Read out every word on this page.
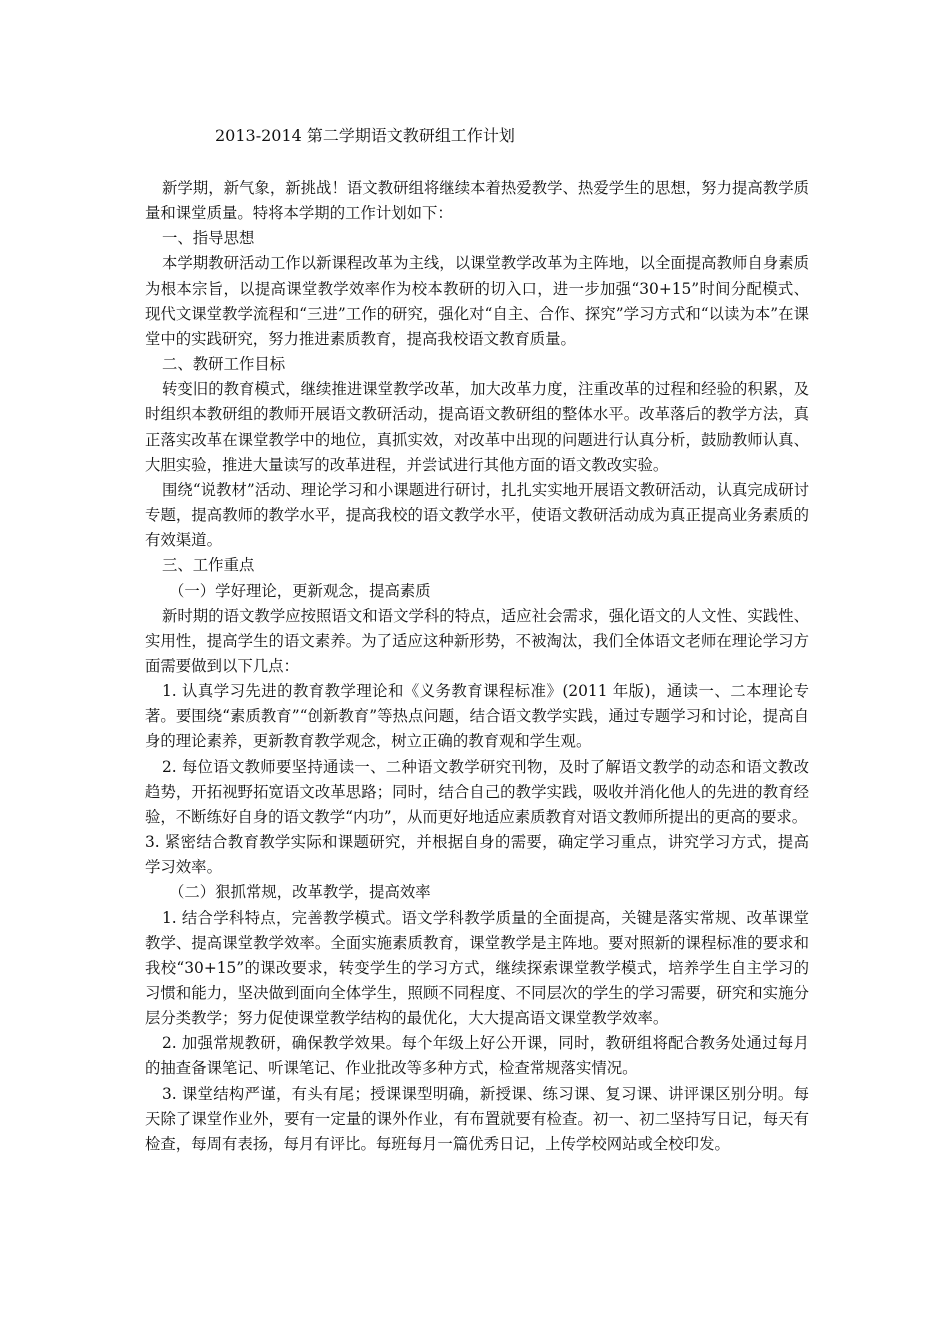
2013-2014 第二学期语文教研组工作计划

新学期，新气象，新挑战！语文教研组将继续本着热爱教学、热爱学生的思想，努力提高教学质量和课堂质量。特将本学期的工作计划如下：

一、指导思想

本学期教研活动工作以新课程改革为主线，以课堂教学改革为主阵地，以全面提高教师自身素质为根本宗旨，以提高课堂教学效率作为校本教研的切入口，进一步加强“30+15”时间分配模式、现代文课堂教学流程和“三进”工作的研究，强化对“自主、合作、探究”学习方式和“以读为本”在课堂中的实践研究，努力推进素质教育，提高我校语文教育质量。

二、教研工作目标

转变旧的教育模式，继续推进课堂教学改革，加大改革力度，注重改革的过程和经验的积累，及时组织本教研组的教师开展语文教研活动，提高语文教研组的整体水平。改革落后的教学方法，真正落实改革在课堂教学中的地位，真抓实效，对改革中出现的问题进行认真分析，鼓励教师认真、大胆实验，推进大量读写的改革进程，并尝试进行其他方面的语文教改实验。

围绕“说教材”活动、理论学习和小课题进行研讨，扎扎实实地开展语文教研活动，认真完成研讨专题，提高教师的教学水平，提高我校的语文教学水平，使语文教研活动成为真正提高业务素质的有效渠道。

三、工作重点

（一）学好理论，更新观念，提高素质

新时期的语文教学应按照语文和语文学科的特点，适应社会需求，强化语文的人文性、实践性、实用性，提高学生的语文素养。为了适应这种新形势，不被淘汰，我们全体语文老师在理论学习方面需要做到以下几点：

1. 认真学习先进的教育教学理论和《义务教育课程标准》(2011 年版)，通读一、二本理论专著。要围绕“素质教育”“创新教育”等热点问题，结合语文教学实践，通过专题学习和讨论，提高自身的理论素养，更新教育教学观念，树立正确的教育观和学生观。

2. 每位语文教师要坚持通读一、二种语文教学研究刊物，及时了解语文教学的动态和语文教改趋势，开拓视野拓宽语文改革思路；同时，结合自己的教学实践，吸收并消化他人的先进的教育经验，不断练好自身的语文教学“内功”，从而更好地适应素质教育对语文教师所提出的更高的要求。

3. 紧密结合教育教学实际和课题研究，并根据自身的需要，确定学习重点，讲究学习方式，提高学习效率。

（二）狠抓常规，改革教学，提高效率

1. 结合学科特点，完善教学模式。语文学科教学质量的全面提高，关键是落实常规、改革课堂教学、提高课堂教学效率。全面实施素质教育，课堂教学是主阵地。要对照新的课程标准的要求和我校“30+15”的课改要求，转变学生的学习方式，继续探索课堂教学模式，培养学生自主学习的习惯和能力，坚决做到面向全体学生，照顾不同程度、不同层次的学生的学习需要，研究和实施分层分类教学；努力促使课堂教学结构的最优化，大大提高语文课堂教学效率。

2. 加强常规教研，确保教学效果。每个年级上好公开课，同时，教研组将配合教务处通过每月的抽查备课笔记、听课笔记、作业批改等多种方式，检查常规落实情况。

3. 课堂结构严谨，有头有尾；授课课型明确，新授课、练习课、复习课、讲评课区别分明。每天除了课堂作业外，要有一定量的课外作业，有布置就要有检查。初一、初二坚持写日记，每天有检查，每周有表扬，每月有评比。每班每月一篇优秀日记，上传学校网站或全校印发。
